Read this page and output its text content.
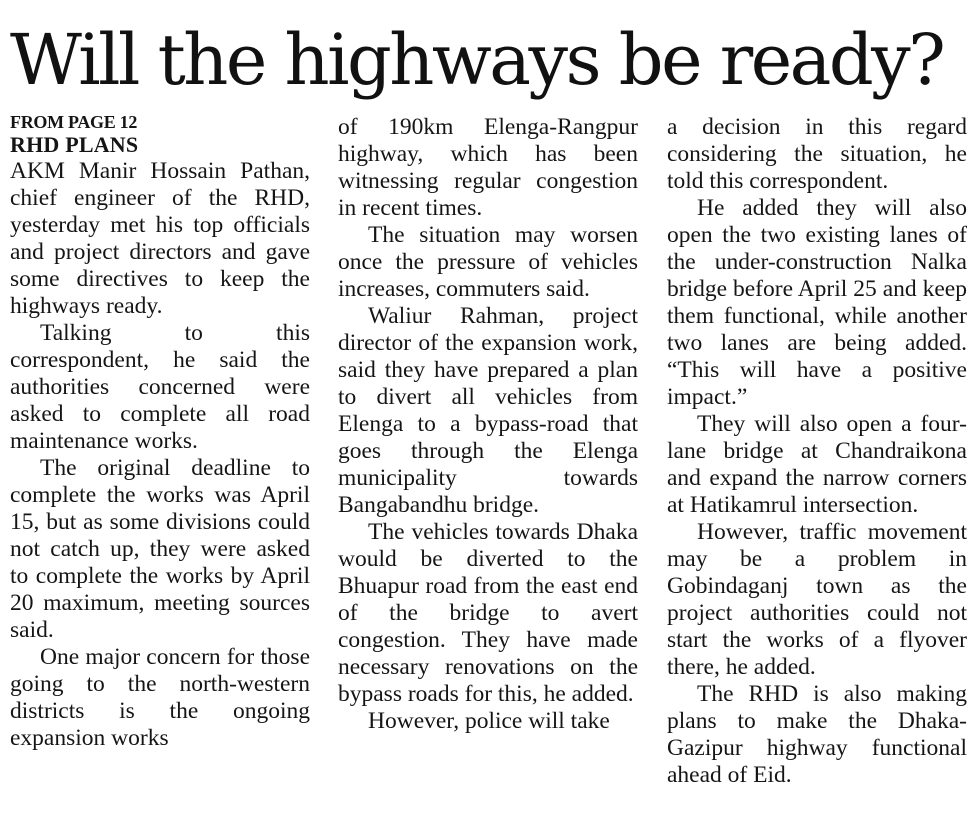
Will the highways be ready?
FROM PAGE 12
RHD PLANS

AKM Manir Hossain Pathan, chief engineer of the RHD, yesterday met his top officials and project directors and gave some directives to keep the highways ready.

Talking to this correspondent, he said the authorities concerned were asked to complete all road maintenance works.

The original deadline to complete the works was April 15, but as some divisions could not catch up, they were asked to complete the works by April 20 maximum, meeting sources said.

One major concern for those going to the north-western districts is the ongoing expansion works

of 190km Elenga-Rangpur highway, which has been witnessing regular congestion in recent times.

The situation may worsen once the pressure of vehicles increases, commuters said.

Waliur Rahman, project director of the expansion work, said they have prepared a plan to divert all vehicles from Elenga to a bypass-road that goes through the Elenga municipality towards Bangabandhu bridge.

The vehicles towards Dhaka would be diverted to the Bhuapur road from the east end of the bridge to avert congestion. They have made necessary renovations on the bypass roads for this, he added.

However, police will take

a decision in this regard considering the situation, he told this correspondent.

He added they will also open the two existing lanes of the under-construction Nalka bridge before April 25 and keep them functional, while another two lanes are being added. “This will have a positive impact.”

They will also open a four-lane bridge at Chandraikona and expand the narrow corners at Hatikamrul intersection.

However, traffic movement may be a problem in Gobindaganj town as the project authorities could not start the works of a flyover there, he added.

The RHD is also making plans to make the Dhaka-Gazipur highway functional ahead of Eid.
